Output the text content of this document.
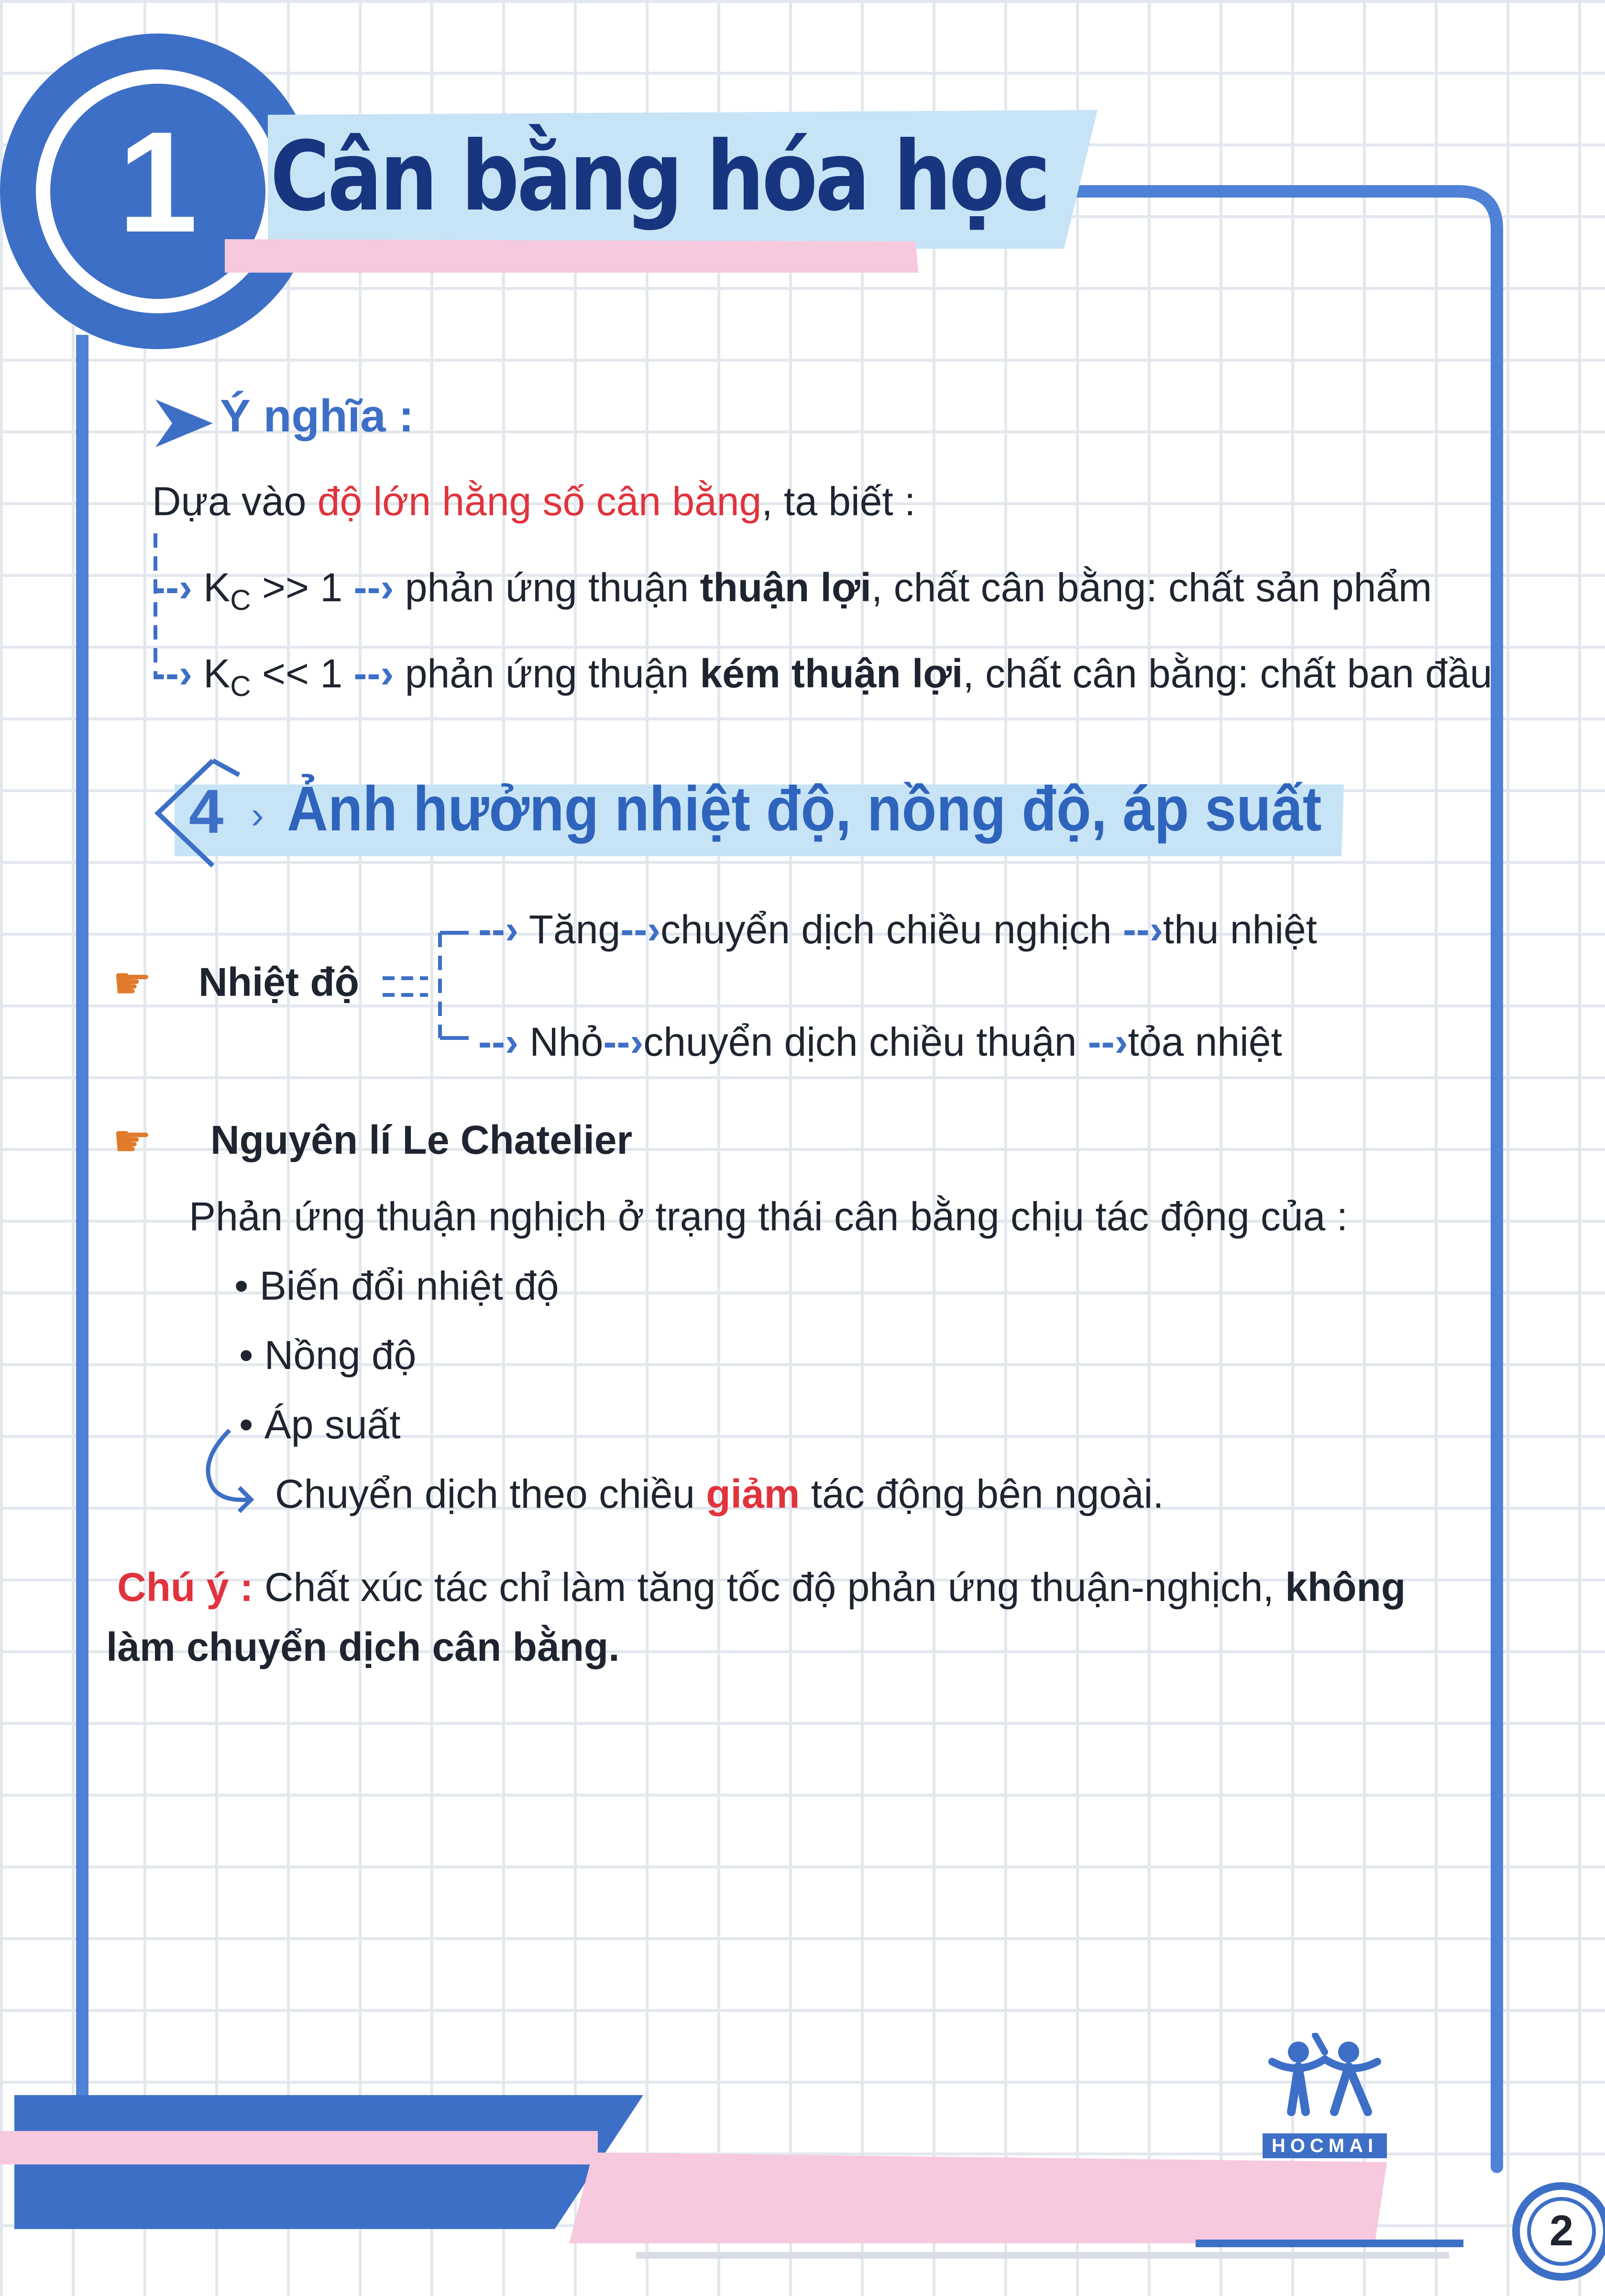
1 Cân bằng hóa học
Ý nghĩa :
Dựa vào độ lớn hằng số cân bằng, ta biết :
--› $K_C >> 1$ --› phản ứng thuận thuận lợi, chất cân bằng: chất sản phẩm
--› $K_C << 1$ --› phản ứng thuận kém thuận lợi, chất cân bằng: chất ban đầu
4 › Ảnh hưởng nhiệt độ, nồng độ, áp suất
☛ Nhiệt độ
--› Tăng--›chuyển dịch chiều nghịch --›thu nhiệt
--› Nhỏ--›chuyển dịch chiều thuận --›tỏa nhiệt
☛ Nguyên lí Le Chatelier
Phản ứng thuận nghịch ở trạng thái cân bằng chịu tác động của :
• Biến đổi nhiệt độ
• Nồng độ
• Áp suất
Chuyển dịch theo chiều giảm tác động bên ngoài.
Chú ý : Chất xúc tác chỉ làm tăng tốc độ phản ứng thuận-nghịch, không
làm chuyển dịch cân bằng.
HOCMAI
2
